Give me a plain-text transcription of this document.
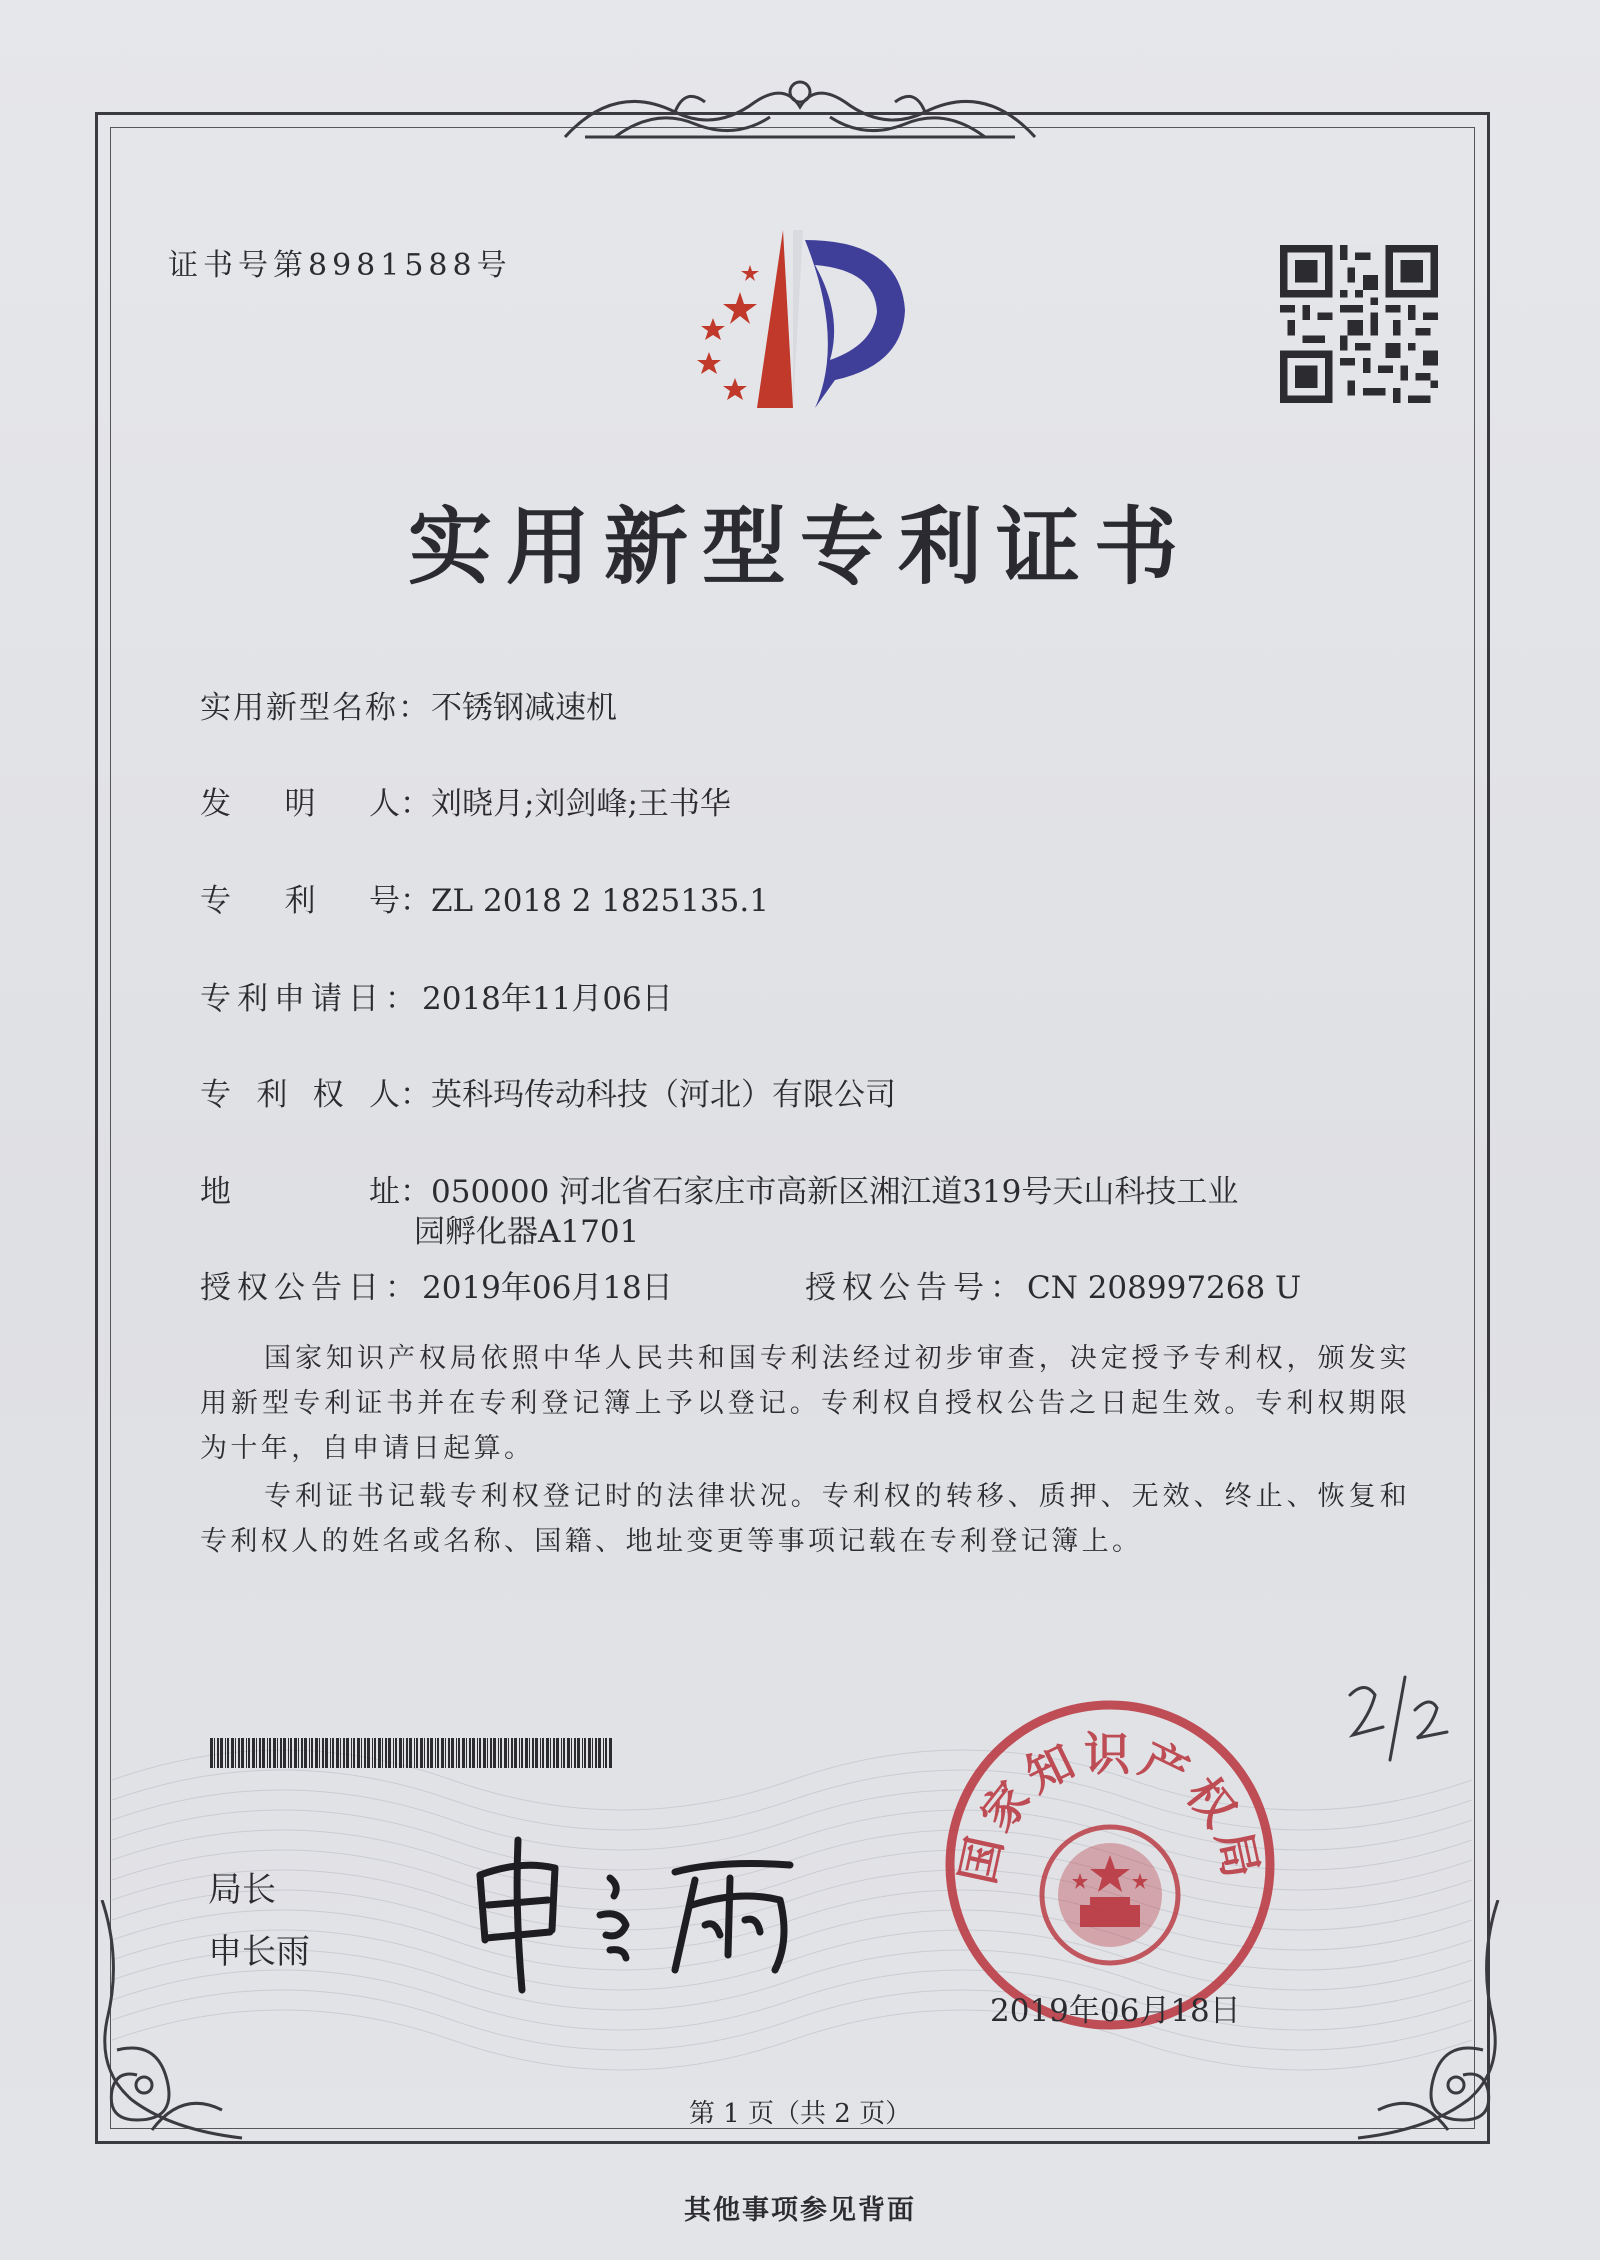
证书号第8981588号
实用新型专利证书
实用新型名称：不锈钢减速机
发 明 人 ：刘晓月;刘剑峰;王书华
专 利 号 ：ZL 2018 2 1825135.1
专利申请日：2018年11月06日
专 利 权 人 ：英科玛传动科技（河北）有限公司
地	址 ：050000 河北省石家庄市高新区湘江道319号天山科技工业
园孵化器A1701
授权公告日：2019年06月18日	授权公告号：CN 208997268 U
国家知识产权局依照中华人民共和国专利法经过初步审查，决定授予专利权，颁发实用新型专利证书并在专利登记簿上予以登记。专利权自授权公告之日起生效。专利权期限为十年，自申请日起算。
专利证书记载专利权登记时的法律状况。专利权的转移、质押、无效、终止、恢复和专利权人的姓名或名称、国籍、地址变更等事项记载在专利登记簿上。
局长
申长雨
国家知识产权局
2019年06月18日
第 1 页（共 2 页）
其他事项参见背面
